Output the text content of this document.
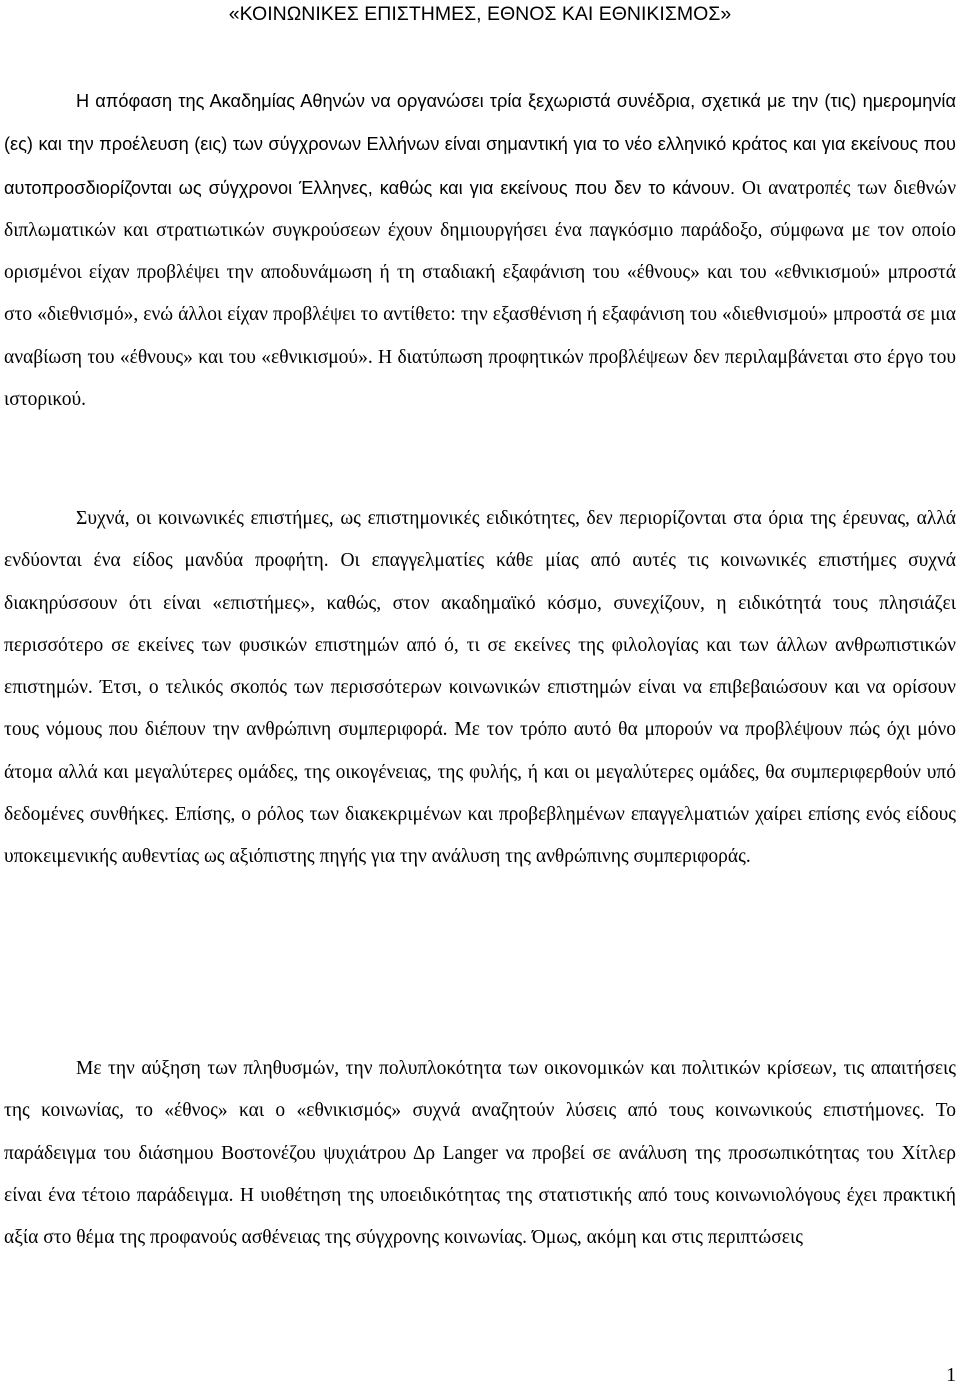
«ΚΟΙΝΩΝΙΚΕΣ ΕΠΙΣΤΗΜΕΣ, ΕΘΝΟΣ ΚΑΙ ΕΘΝΙΚΙΣΜΟΣ»

Η απόφαση της Ακαδημίας Αθηνών να οργανώσει τρία ξεχωριστά συνέδρια, σχετικά με την (τις) ημερομηνία (ες) και την προέλευση (εις) των σύγχρονων Ελλήνων είναι σημαντική για το νέο ελληνικό κράτος και για εκείνους που αυτοπροσδιορίζονται ως σύγχρονοι Έλληνες, καθώς και για εκείνους που δεν το κάνουν. Οι ανατροπές των διεθνών διπλωματικών και στρατιωτικών συγκρούσεων έχουν δημιουργήσει ένα παγκόσμιο παράδοξο, σύμφωνα με τον οποίο ορισμένοι είχαν προβλέψει την αποδυνάμωση ή τη σταδιακή εξαφάνιση του «έθνους» και του «εθνικισμού» μπροστά στο «διεθνισμό», ενώ άλλοι είχαν προβλέψει το αντίθετο: την εξασθένιση ή εξαφάνιση του «διεθνισμού» μπροστά σε μια αναβίωση του «έθνους» και του «εθνικισμού». Η διατύπωση προφητικών προβλέψεων δεν περιλαμβάνεται στο έργο του ιστορικού.

Συχνά, οι κοινωνικές επιστήμες, ως επιστημονικές ειδικότητες, δεν περιορίζονται στα όρια της έρευνας, αλλά ενδύονται ένα είδος μανδύα προφήτη. Οι επαγγελματίες κάθε μίας από αυτές τις κοινωνικές επιστήμες συχνά διακηρύσσουν ότι είναι «επιστήμες», καθώς, στον ακαδημαϊκό κόσμο, συνεχίζουν, η ειδικότητά τους πλησιάζει περισσότερο σε εκείνες των φυσικών επιστημών από ό, τι σε εκείνες της φιλολογίας και των άλλων ανθρωπιστικών επιστημών. Έτσι, ο τελικός σκοπός των περισσότερων κοινωνικών επιστημών είναι να επιβεβαιώσουν και να ορίσουν τους νόμους που διέπουν την ανθρώπινη συμπεριφορά. Με τον τρόπο αυτό θα μπορούν να προβλέψουν πώς όχι μόνο άτομα αλλά και μεγαλύτερες ομάδες, της οικογένειας, της φυλής, ή και οι μεγαλύτερες ομάδες, θα συμπεριφερθούν υπό δεδομένες συνθήκες. Επίσης, ο ρόλος των διακεκριμένων και προβεβλημένων επαγγελματιών χαίρει επίσης ενός είδους υποκειμενικής αυθεντίας ως αξιόπιστης πηγής για την ανάλυση της ανθρώπινης συμπεριφοράς.

Με την αύξηση των πληθυσμών, την πολυπλοκότητα των οικονομικών και πολιτικών κρίσεων, τις απαιτήσεις της κοινωνίας, το «έθνος» και ο «εθνικισμός» συχνά αναζητούν λύσεις από τους κοινωνικούς επιστήμονες. Το παράδειγμα του διάσημου Βοστονέζου ψυχιάτρου Δρ Langer να προβεί σε ανάλυση της προσωπικότητας του Χίτλερ είναι ένα τέτοιο παράδειγμα. Η υιοθέτηση της υποειδικότητας της στατιστικής από τους κοινωνιολόγους έχει πρακτική αξία στο θέμα της προφανούς ασθένειας της σύγχρονης κοινωνίας. Όμως, ακόμη και στις περιπτώσεις

1
